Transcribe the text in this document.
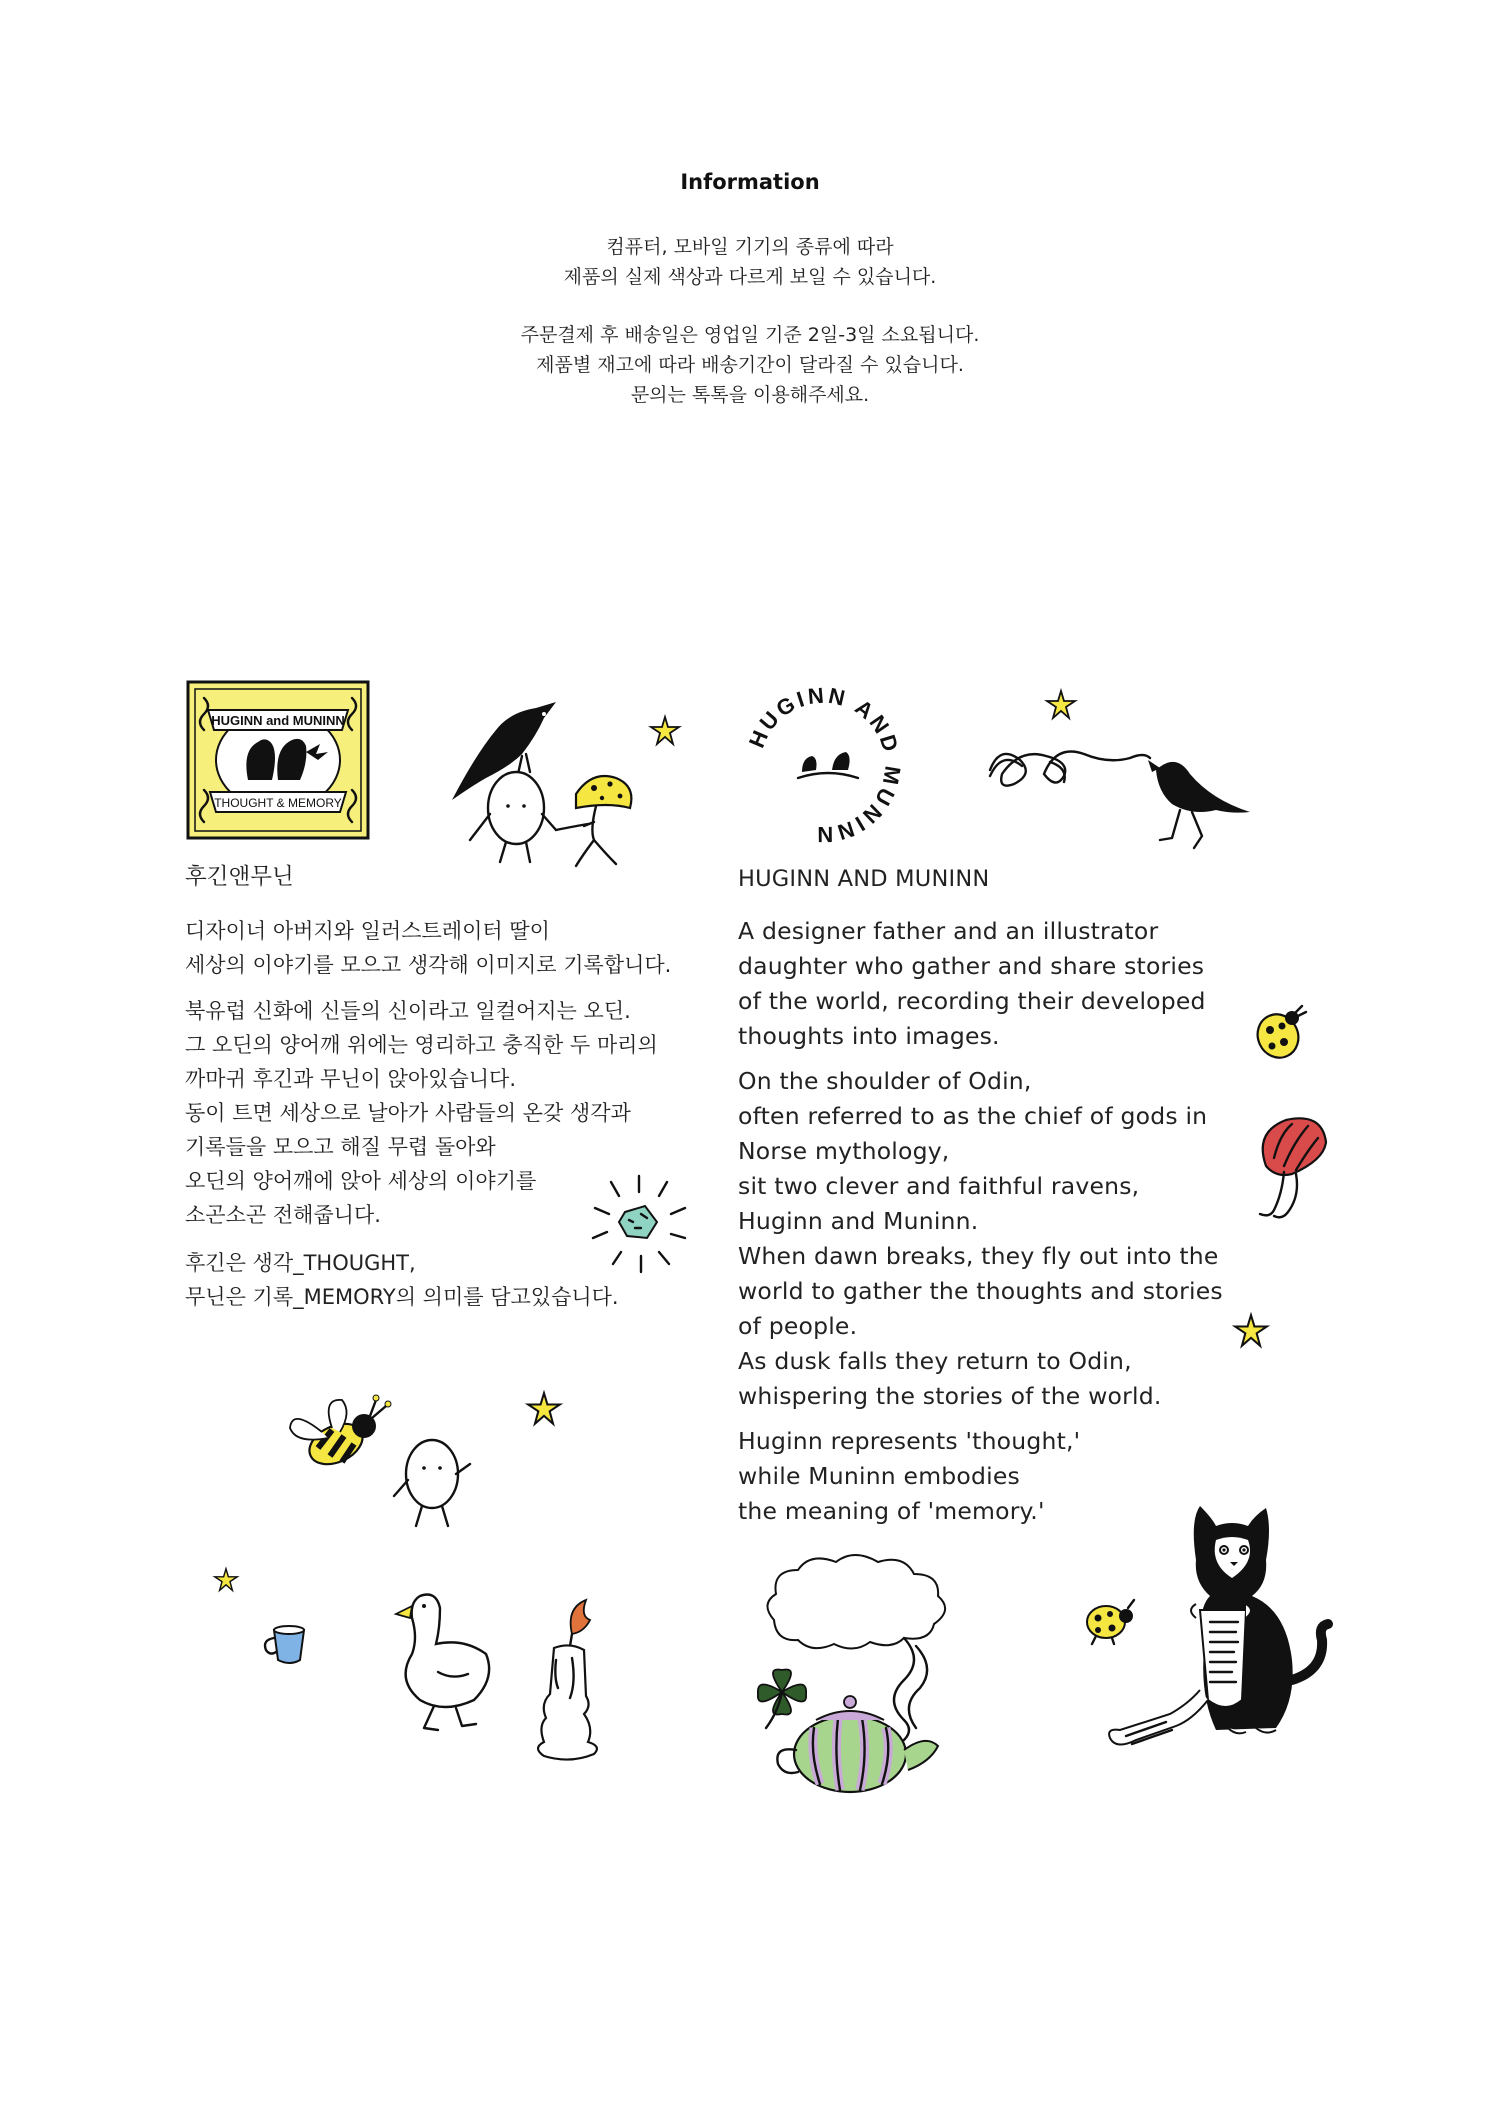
Information
컴퓨터, 모바일 기기의 종류에 따라
제품의 실제 색상과 다르게 보일 수 있습니다.
주문결제 후 배송일은 영업일 기준 2일-3일 소요됩니다.
제품별 재고에 따라 배송기간이 달라질 수 있습니다.
문의는 톡톡을 이용해주세요.
HUGINN and MUNINN
THOUGHT & MEMORY
HUGINN AND MUNINN
후긴앤무닌
디자이너 아버지와 일러스트레이터 딸이
세상의 이야기를 모으고 생각해 이미지로 기록합니다.
북유럽 신화에 신들의 신이라고 일컬어지는 오딘.
그 오딘의 양어깨 위에는 영리하고 충직한 두 마리의
까마귀 후긴과 무닌이 앉아있습니다.
동이 트면 세상으로 날아가 사람들의 온갖 생각과
기록들을 모으고 해질 무렵 돌아와
오딘의 양어깨에 앉아 세상의 이야기를
소곤소곤 전해줍니다.
후긴은 생각_THOUGHT,
무닌은 기록_MEMORY의 의미를 담고있습니다.
HUGINN AND MUNINN
A designer father and an illustrator
daughter who gather and share stories
of the world, recording their developed
thoughts into images.
On the shoulder of Odin,
often referred to as the chief of gods in
Norse mythology,
sit two clever and faithful ravens,
Huginn and Muninn.
When dawn breaks, they fly out into the
world to gather the thoughts and stories
of people.
As dusk falls they return to Odin,
whispering the stories of the world.
Huginn represents 'thought,'
while Muninn embodies
the meaning of 'memory.'
